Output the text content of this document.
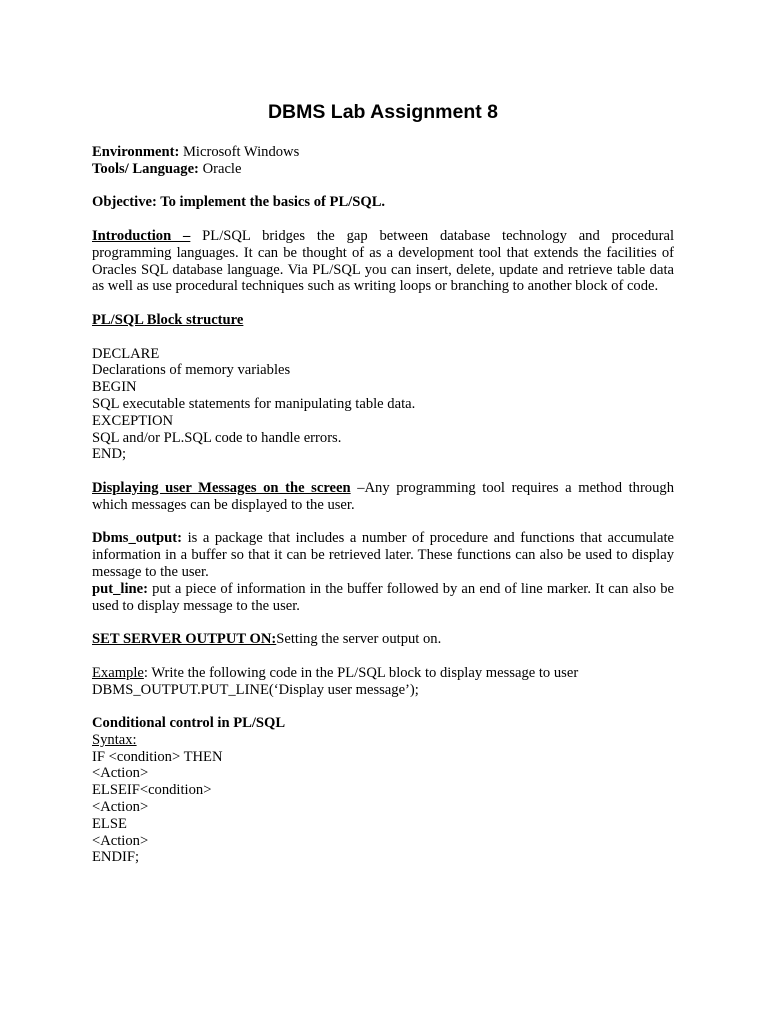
DBMS Lab Assignment 8

Environment: Microsoft Windows

Tools/ Language: Oracle

Objective: To implement the basics of PL/SQL.

Introduction – PL/SQL bridges the gap between database technology and procedural programming languages. It can be thought of as a development tool that extends the facilities of Oracles SQL database language. Via PL/SQL you can insert, delete, update and retrieve table data as well as use procedural techniques such as writing loops or branching to another block of code.

PL/SQL Block structure

DECLARE
Declarations of memory variables
BEGIN
SQL executable statements for manipulating table data.
EXCEPTION
SQL and/or PL.SQL code to handle errors.
END;

Displaying user Messages on the screen –Any programming tool requires a method through which messages can be displayed to the user.

Dbms_output: is a package that includes a number of procedure and functions that accumulate information in a buffer so that it can be retrieved later. These functions can also be used to display message to the user.

put_line: put a piece of information in the buffer followed by an end of line marker. It can also be used to display message to the user.

SET SERVER OUTPUT ON:Setting the server output on.

Example: Write the following code in the PL/SQL block to display message to user

DBMS_OUTPUT.PUT_LINE(‘Display user message’);

Conditional control in PL/SQL

Syntax:

IF <condition> THEN
<Action>
ELSEIF<condition>
<Action>
ELSE
<Action>
ENDIF;
